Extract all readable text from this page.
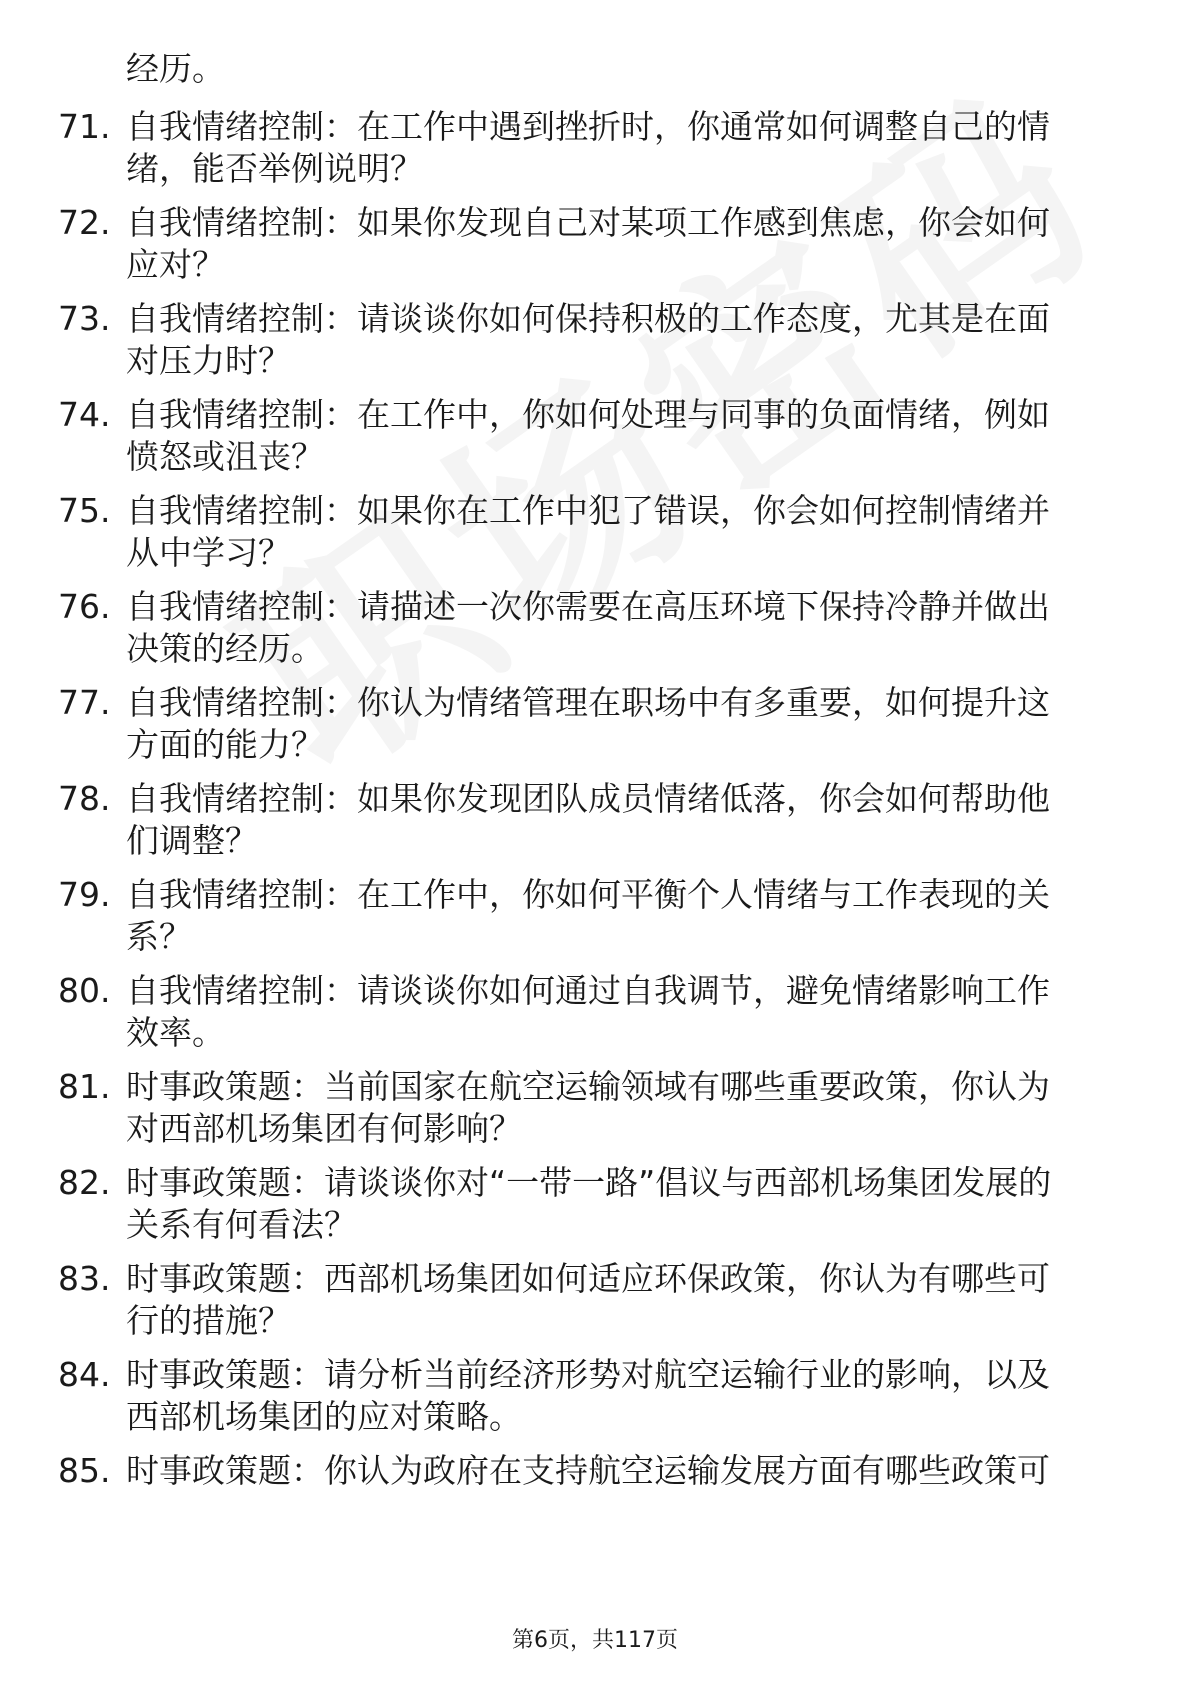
经历。
71. 自我情绪控制：在工作中遇到挫折时，你通常如何调整自己的情
绪，能否举例说明？
72. 自我情绪控制：如果你发现自己对某项工作感到焦虑，你会如何
应对？
73. 自我情绪控制：请谈谈你如何保持积极的工作态度，尤其是在面
对压力时？
74. 自我情绪控制：在工作中，你如何处理与同事的负面情绪，例如
愤怒或沮丧？
75. 自我情绪控制：如果你在工作中犯了错误，你会如何控制情绪并
从中学习？
76. 自我情绪控制：请描述一次你需要在高压环境下保持冷静并做出
决策的经历。
77. 自我情绪控制：你认为情绪管理在职场中有多重要，如何提升这
方面的能力？
78. 自我情绪控制：如果你发现团队成员情绪低落，你会如何帮助他
们调整？
79. 自我情绪控制：在工作中，你如何平衡个人情绪与工作表现的关
系？
80. 自我情绪控制：请谈谈你如何通过自我调节，避免情绪影响工作
效率。
81. 时事政策题：当前国家在航空运输领域有哪些重要政策，你认为
对西部机场集团有何影响？
82. 时事政策题：请谈谈你对“一带一路”倡议与西部机场集团发展的
关系有何看法？
83. 时事政策题：西部机场集团如何适应环保政策，你认为有哪些可
行的措施？
84. 时事政策题：请分析当前经济形势对航空运输行业的影响，以及
西部机场集团的应对策略。
85. 时事政策题：你认为政府在支持航空运输发展方面有哪些政策可
第6页，共117页
